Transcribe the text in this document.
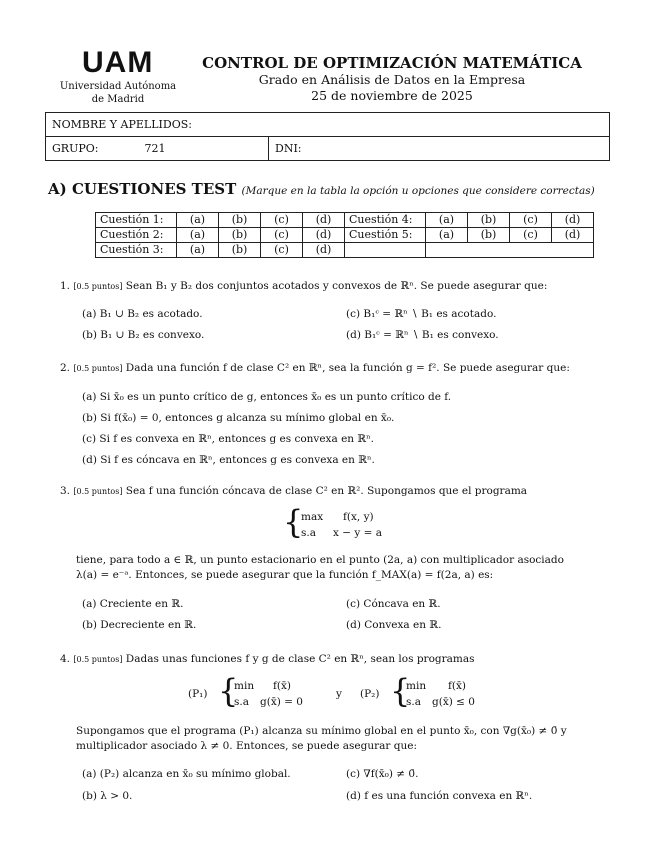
UAM
Universidad Autónoma
de Madrid
CONTROL DE OPTIMIZACIÓN MATEMÁTICA
Grado en Análisis de Datos en la Empresa
25 de noviembre de 2025
NOMBRE Y APELLIDOS:
GRUPO:	721	DNI:
A) CUESTIONES TEST (Marque en la tabla la opción u opciones que considere correctas)
Cuestión 1:	(a)	(b)	(c)	(d)	Cuestión 4:	(a)	(b)	(c)	(d)
Cuestión 2:	(a)	(b)	(c)	(d)	Cuestión 5:	(a)	(b)	(c)	(d)
Cuestión 3:	(a)	(b)	(c)	(d)					
1. [0.5 puntos] Sean B₁ y B₂ dos conjuntos acotados y convexos de ℝⁿ. Se puede asegurar que:
(a) B₁ ∪ B₂ es acotado.	(c) B₁ᶜ = ℝⁿ ∖ B₁ es acotado.
(b) B₁ ∪ B₂ es convexo.	(d) B₁ᶜ = ℝⁿ ∖ B₁ es convexo.
2. [0.5 puntos] Dada una función f de clase C² en ℝⁿ, sea la función g = f². Se puede asegurar que:
(a) Si x̄₀ es un punto crítico de g, entonces x̄₀ es un punto crítico de f.
(b) Si f(x̄₀) = 0, entonces g alcanza su mínimo global en x̄₀.
(c) Si f es convexa en ℝⁿ, entonces g es convexa en ℝⁿ.
(d) Si f es cóncava en ℝⁿ, entonces g es convexa en ℝⁿ.
3. [0.5 puntos] Sea f una función cóncava de clase C² en ℝ². Supongamos que el programa
{
max f(x, y)
s.a x − y = a
tiene, para todo a ∈ ℝ, un punto estacionario en el punto (2a, a) con multiplicador asociado
λ(a) = e⁻ᵃ. Entonces, se puede asegurar que la función f_MAX(a) = f(2a, a) es:
(a) Creciente en ℝ.	(c) Cóncava en ℝ.
(b) Decreciente en ℝ.	(d) Convexa en ℝ.
4. [0.5 puntos] Dadas unas funciones f y g de clase C² en ℝⁿ, sean los programas
(P₁) {
min f(x̄)
s.a g(x̄) = 0
y (P₂) {
min f(x̄)
s.a g(x̄) ≤ 0
Supongamos que el programa (P₁) alcanza su mínimo global en el punto x̄₀, con ∇g(x̄₀) ≠ 0̄ y
multiplicador asociado λ ≠ 0. Entonces, se puede asegurar que:
(a) (P₂) alcanza en x̄₀ su mínimo global.	(c) ∇f(x̄₀) ≠ 0̄.
(b) λ > 0.	(d) f es una función convexa en ℝⁿ.
